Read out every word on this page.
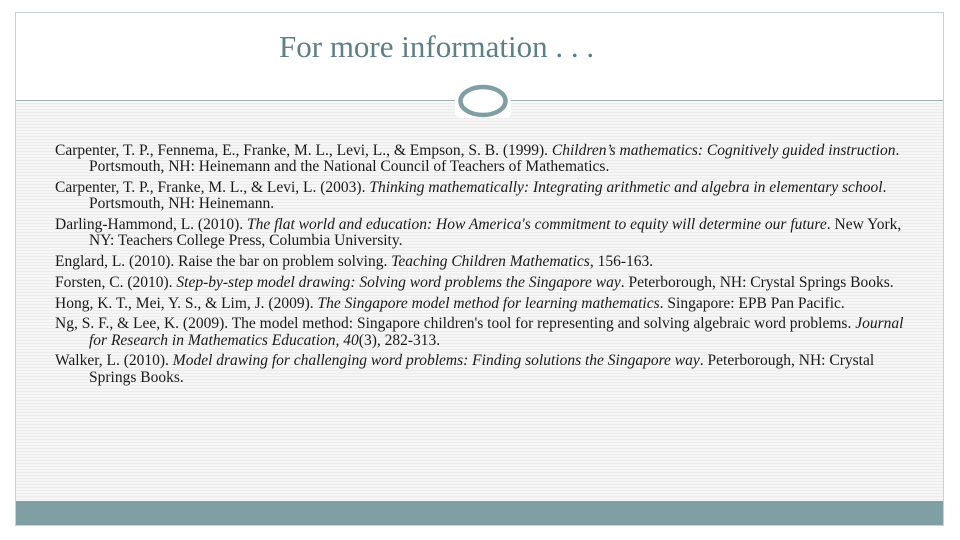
For more information . . .
Carpenter, T. P., Fennema, E., Franke, M. L., Levi, L., & Empson, S. B. (1999). Children’s mathematics: Cognitively guided instruction. Portsmouth, NH: Heinemann and the National Council of Teachers of Mathematics.
Carpenter, T. P., Franke, M. L., & Levi, L. (2003). Thinking mathematically: Integrating arithmetic and algebra in elementary school. Portsmouth, NH: Heinemann.
Darling-Hammond, L. (2010). The flat world and education: How America's commitment to equity will determine our future. New York, NY: Teachers College Press, Columbia University.
Englard, L. (2010). Raise the bar on problem solving. Teaching Children Mathematics, 156-163.
Forsten, C. (2010). Step-by-step model drawing: Solving word problems the Singapore way. Peterborough, NH: Crystal Springs Books.
Hong, K. T., Mei, Y. S., & Lim, J. (2009). The Singapore model method for learning mathematics. Singapore: EPB Pan Pacific.
Ng, S. F., & Lee, K. (2009). The model method: Singapore children's tool for representing and solving algebraic word problems. Journal for Research in Mathematics Education, 40(3), 282-313.
Walker, L. (2010). Model drawing for challenging word problems: Finding solutions the Singapore way. Peterborough, NH: Crystal Springs Books.
